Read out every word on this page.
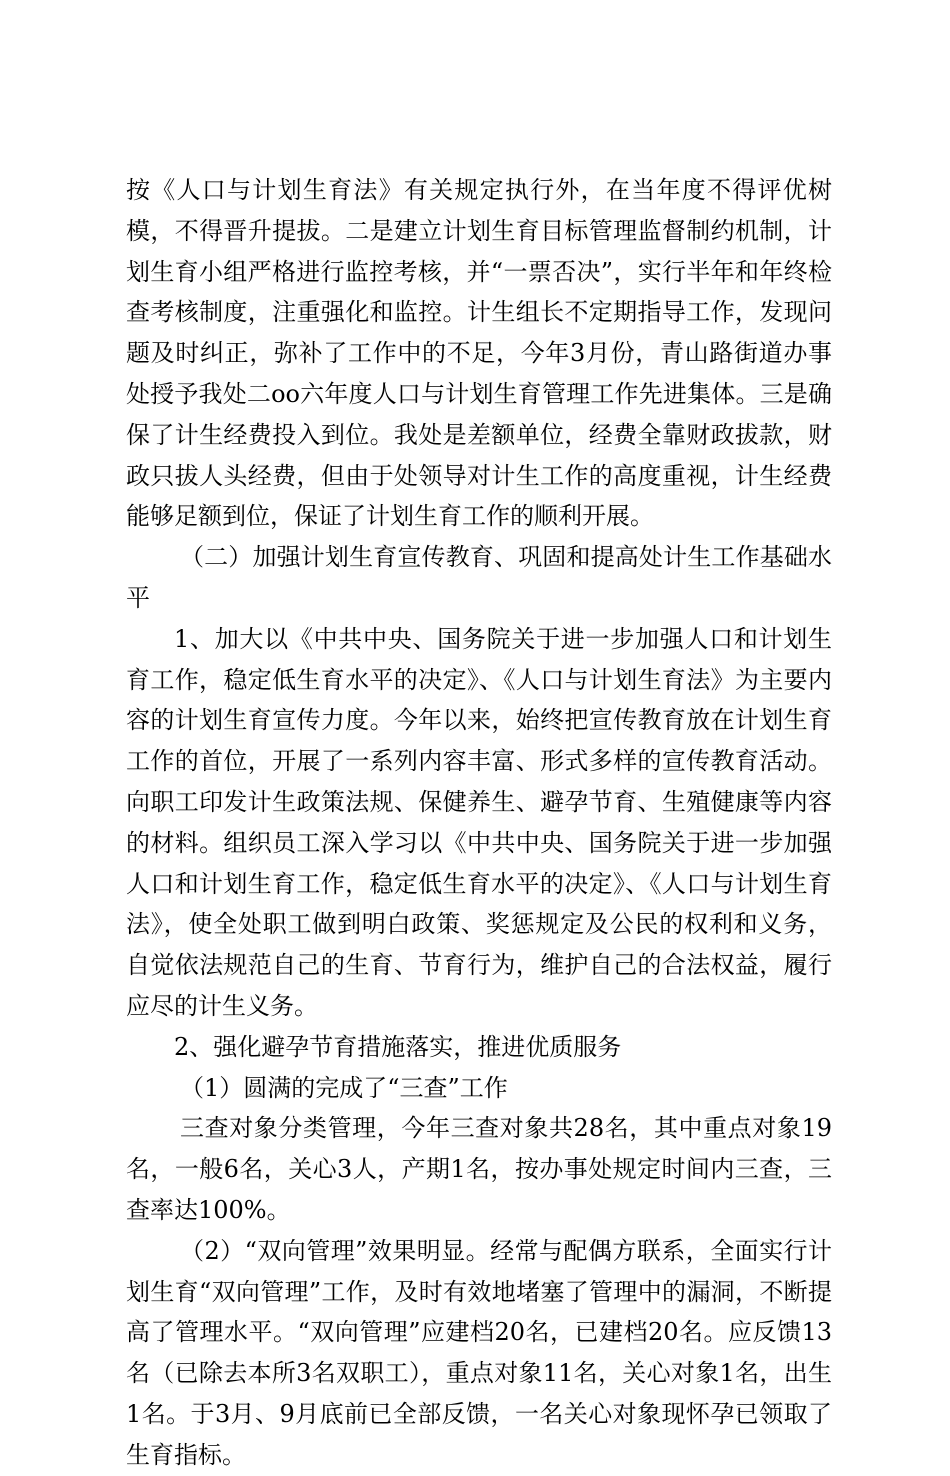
按《人口与计划生育法》有关规定执行外，在当年度不得评优树模，不得晋升提拔。二是建立计划生育目标管理监督制约机制，计划生育小组严格进行监控考核，并“一票否决”，实行半年和年终检查考核制度，注重强化和监控。计生组长不定期指导工作，发现问题及时纠正，弥补了工作中的不足，今年3月份，青山路街道办事处授予我处二oo六年度人口与计划生育管理工作先进集体。三是确保了计生经费投入到位。我处是差额单位，经费全靠财政拔款，财政只拔人头经费，但由于处领导对计生工作的高度重视，计生经费能够足额到位，保证了计划生育工作的顺利开展。

（二）加强计划生育宣传教育、巩固和提高处计生工作基础水平

1、加大以《中共中央、国务院关于进一步加强人口和计划生育工作，稳定低生育水平的决定》、《人口与计划生育法》为主要内容的计划生育宣传力度。今年以来，始终把宣传教育放在计划生育工作的首位，开展了一系列内容丰富、形式多样的宣传教育活动。向职工印发计生政策法规、保健养生、避孕节育、生殖健康等内容的材料。组织员工深入学习以《中共中央、国务院关于进一步加强人口和计划生育工作，稳定低生育水平的决定》、《人口与计划生育法》，使全处职工做到明白政策、奖惩规定及公民的权利和义务，自觉依法规范自己的生育、节育行为，维护自己的合法权益，履行应尽的计生义务。

2、强化避孕节育措施落实，推进优质服务

（1）圆满的完成了“三查”工作

三查对象分类管理，今年三查对象共28名，其中重点对象19名，一般6名，关心3人，产期1名，按办事处规定时间内三查，三查率达100%。

（2）“双向管理”效果明显。经常与配偶方联系，全面实行计划生育“双向管理”工作，及时有效地堵塞了管理中的漏洞，不断提高了管理水平。“双向管理”应建档20名，已建档20名。应反馈13名（已除去本所3名双职工），重点对象11名，关心对象1名，出生1名。于3月、9月底前已全部反馈，一名关心对象现怀孕已领取了生育指标。
